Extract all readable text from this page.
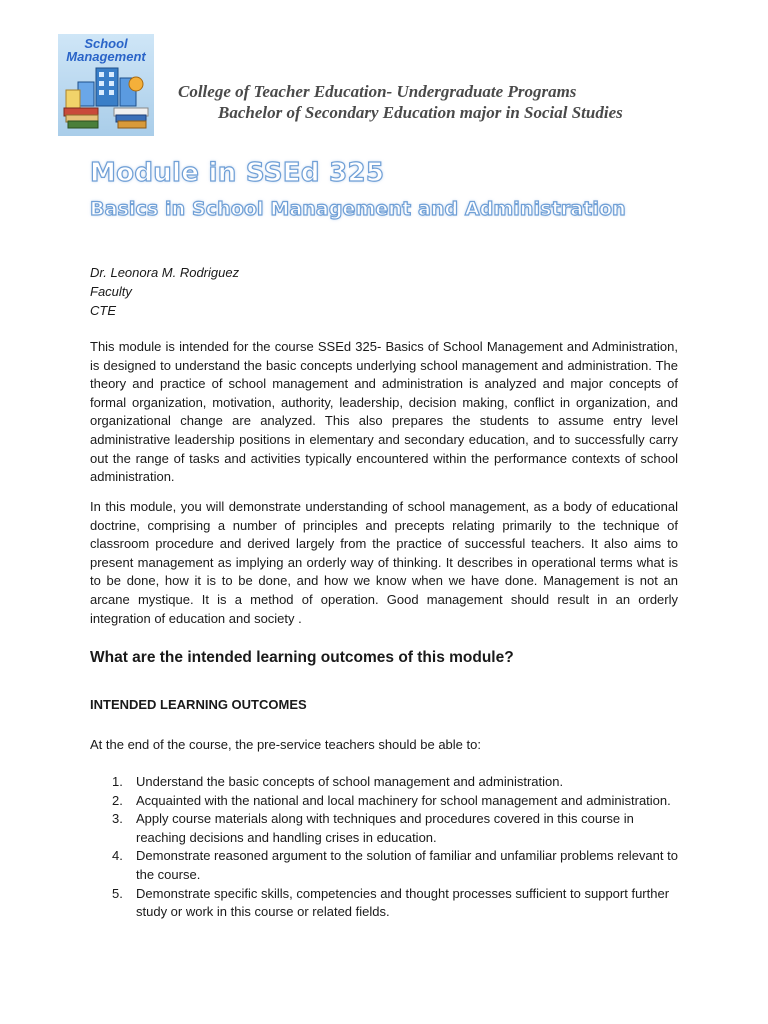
School
Management
College of Teacher Education- Undergraduate Programs
Bachelor of Secondary Education major in Social Studies
Module in SSEd 325
Basics in School Management and Administration
Dr. Leonora M. Rodriguez
Faculty
CTE

This module is intended for the course SSEd 325- Basics of School Management and Administration, is designed to understand the basic concepts underlying school management and administration. The theory and practice of school management and administration is analyzed and major concepts of formal organization, motivation, authority, leadership, decision making, conflict in organization, and organizational change are analyzed. This also prepares the students to assume entry level administrative leadership positions in elementary and secondary education, and to successfully carry out the range of tasks and activities typically encountered within the performance contexts of school administration.

In this module, you will demonstrate understanding of school management, as a body of educational doctrine, comprising a number of principles and precepts relating primarily to the technique of classroom procedure and derived largely from the practice of successful teachers. It also aims to present management as implying an orderly way of thinking. It describes in operational terms what is to be done, how it is to be done, and how we know when we have done. Management is not an arcane mystique. It is a method of operation. Good management should result in an orderly integration of education and society .

What are the intended learning outcomes of this module?
INTENDED LEARNING OUTCOMES
At the end of the course, the pre-service teachers should be able to:
1. Understand the basic concepts of school management and administration.
2. Acquainted with the national and local machinery for school management and administration.
3. Apply course materials along with techniques and procedures covered in this course in reaching decisions and handling crises in education.
4. Demonstrate reasoned argument to the solution of familiar and unfamiliar problems relevant to the course.
5. Demonstrate specific skills, competencies and thought processes sufficient to support further study or work in this course or related fields.
